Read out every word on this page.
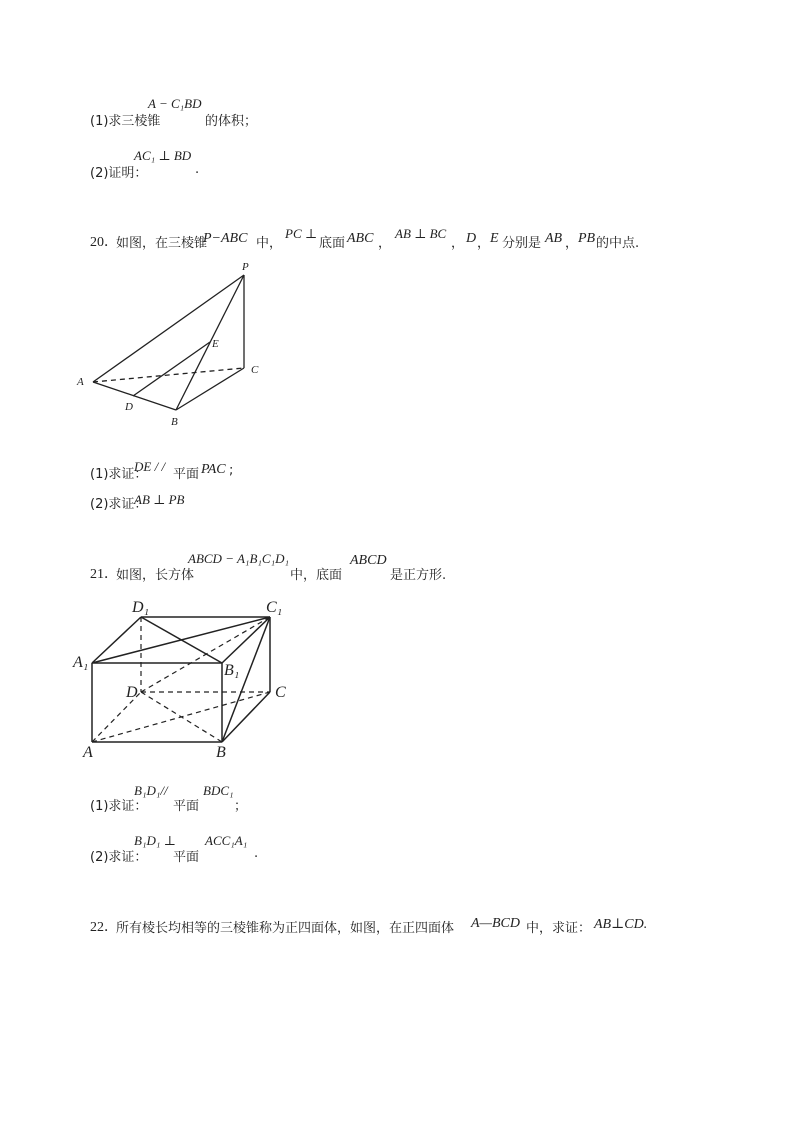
(1)求三棱锥
A − C₁BD
的体积；
(2)证明：
AC₁ ⊥ BD
.
20．
如图，在三棱锥
P−ABC 中，
PC ⊥
底面 ABC ，
AB ⊥ BC
， D ， E 分别是 AB ， PB 的中点.
P
E
C
A
D
B
(1)求证：
DE / /
平面 PAC ;
(2)求证：
AB ⊥ PB
21．
如图，长方体
ABCD − A₁B₁C₁D₁
中，底面
ABCD
是正方形.
D₁	C₁
A₁	B₁
D	C
A	B
(1)求证：
B₁D₁//
平面
BDC₁
；
(2)求证：
B₁D₁ ⊥
平面
ACC₁A₁
.
22．
所有棱长均相等的三棱锥称为正四面体，如图，在正四面体 A—BCD 中，求证： AB⊥CD.
